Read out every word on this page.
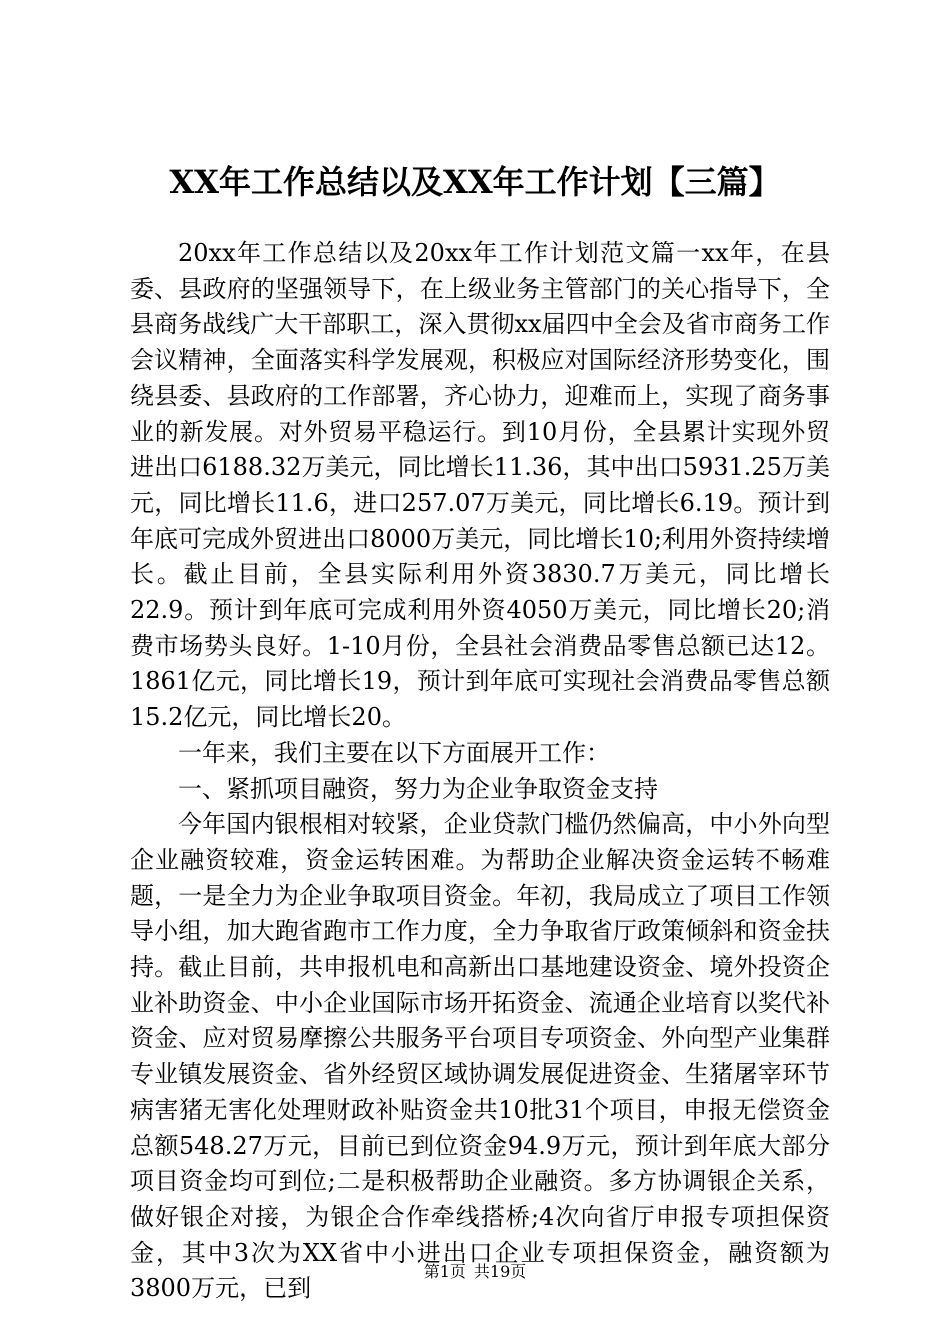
XX年工作总结以及XX年工作计划【三篇】

20xx年工作总结以及20xx年工作计划范文篇一xx年，在县委、县政府的坚强领导下，在上级业务主管部门的关心指导下，全县商务战线广大干部职工，深入贯彻xx届四中全会及省市商务工作会议精神，全面落实科学发展观，积极应对国际经济形势变化，围绕县委、县政府的工作部署，齐心协力，迎难而上，实现了商务事业的新发展。对外贸易平稳运行。到10月份，全县累计实现外贸进出口6188.32万美元，同比增长11.36，其中出口5931.25万美元，同比增长11.6，进口257.07万美元，同比增长6.19。预计到年底可完成外贸进出口8000万美元，同比增长10;利用外资持续增长。截止目前，全县实际利用外资3830.7万美元，同比增长22.9。预计到年底可完成利用外资4050万美元，同比增长20;消费市场势头良好。1-10月份，全县社会消费品零售总额已达12。1861亿元，同比增长19，预计到年底可实现社会消费品零售总额15.2亿元，同比增长20。

一年来，我们主要在以下方面展开工作：

一、紧抓项目融资，努力为企业争取资金支持

今年国内银根相对较紧，企业贷款门槛仍然偏高，中小外向型企业融资较难，资金运转困难。为帮助企业解决资金运转不畅难题，一是全力为企业争取项目资金。年初，我局成立了项目工作领导小组，加大跑省跑市工作力度，全力争取省厅政策倾斜和资金扶持。截止目前，共申报机电和高新出口基地建设资金、境外投资企业补助资金、中小企业国际市场开拓资金、流通企业培育以奖代补资金、应对贸易摩擦公共服务平台项目专项资金、外向型产业集群专业镇发展资金、省外经贸区域协调发展促进资金、生猪屠宰环节病害猪无害化处理财政补贴资金共10批31个项目，申报无偿资金总额548.27万元，目前已到位资金94.9万元，预计到年底大部分项目资金均可到位;二是积极帮助企业融资。多方协调银企关系，做好银企对接，为银企合作牵线搭桥;4次向省厅申报专项担保资金，其中3次为XX省中小进出口企业专项担保资金，融资额为3800万元，已到

第1页 共19页
